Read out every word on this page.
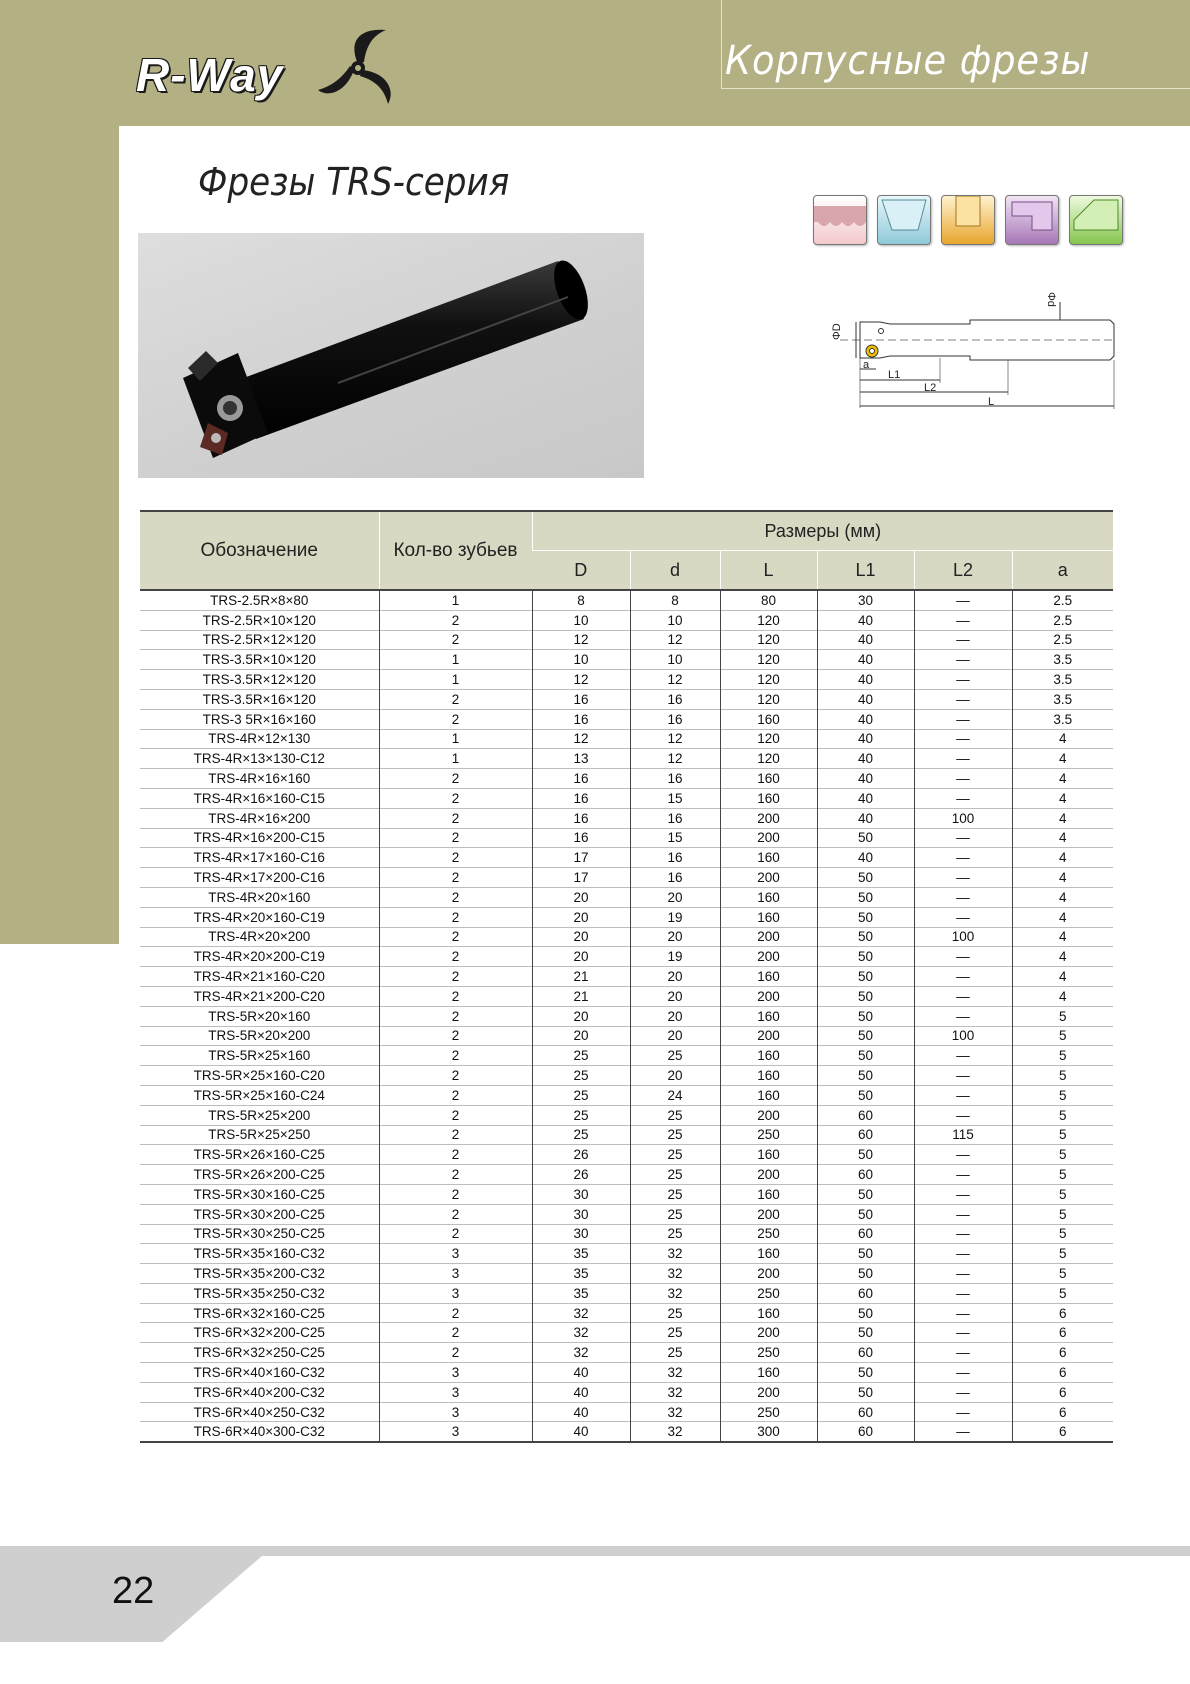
R-Way	Корпусные фрезы
Фрезы TRS-серия
ΦD
Φd
a
L1
L2
L
Обозначение	Кол-во зубьев	Размеры (мм)					
		D	d	L	L1	L2	a
TRS-2.5R×8×80	1	8	8	80	30	—	2.5
TRS-2.5R×10×120	2	10	10	120	40	—	2.5
TRS-2.5R×12×120	2	12	12	120	40	—	2.5
TRS-3.5R×10×120	1	10	10	120	40	—	3.5
TRS-3.5R×12×120	1	12	12	120	40	—	3.5
TRS-3.5R×16×120	2	16	16	120	40	—	3.5
TRS-3 5R×16×160	2	16	16	160	40	—	3.5
TRS-4R×12×130	1	12	12	120	40	—	4
TRS-4R×13×130-C12	1	13	12	120	40	—	4
TRS-4R×16×160	2	16	16	160	40	—	4
TRS-4R×16×160-C15	2	16	15	160	40	—	4
TRS-4R×16×200	2	16	16	200	40	100	4
TRS-4R×16×200-C15	2	16	15	200	50	—	4
TRS-4R×17×160-C16	2	17	16	160	40	—	4
TRS-4R×17×200-C16	2	17	16	200	50	—	4
TRS-4R×20×160	2	20	20	160	50	—	4
TRS-4R×20×160-C19	2	20	19	160	50	—	4
TRS-4R×20×200	2	20	20	200	50	100	4
TRS-4R×20×200-C19	2	20	19	200	50	—	4
TRS-4R×21×160-C20	2	21	20	160	50	—	4
TRS-4R×21×200-C20	2	21	20	200	50	—	4
TRS-5R×20×160	2	20	20	160	50	—	5
TRS-5R×20×200	2	20	20	200	50	100	5
TRS-5R×25×160	2	25	25	160	50	—	5
TRS-5R×25×160-C20	2	25	20	160	50	—	5
TRS-5R×25×160-C24	2	25	24	160	50	—	5
TRS-5R×25×200	2	25	25	200	60	—	5
TRS-5R×25×250	2	25	25	250	60	115	5
TRS-5R×26×160-C25	2	26	25	160	50	—	5
TRS-5R×26×200-C25	2	26	25	200	60	—	5
TRS-5R×30×160-C25	2	30	25	160	50	—	5
TRS-5R×30×200-C25	2	30	25	200	50	—	5
TRS-5R×30×250-C25	2	30	25	250	60	—	5
TRS-5R×35×160-C32	3	35	32	160	50	—	5
TRS-5R×35×200-C32	3	35	32	200	50	—	5
TRS-5R×35×250-C32	3	35	32	250	60	—	5
TRS-6R×32×160-C25	2	32	25	160	50	—	6
TRS-6R×32×200-C25	2	32	25	200	50	—	6
TRS-6R×32×250-C25	2	32	25	250	60	—	6
TRS-6R×40×160-C32	3	40	32	160	50	—	6
TRS-6R×40×200-C32	3	40	32	200	50	—	6
TRS-6R×40×250-C32	3	40	32	250	60	—	6
TRS-6R×40×300-C32	3	40	32	300	60	—	6
22
